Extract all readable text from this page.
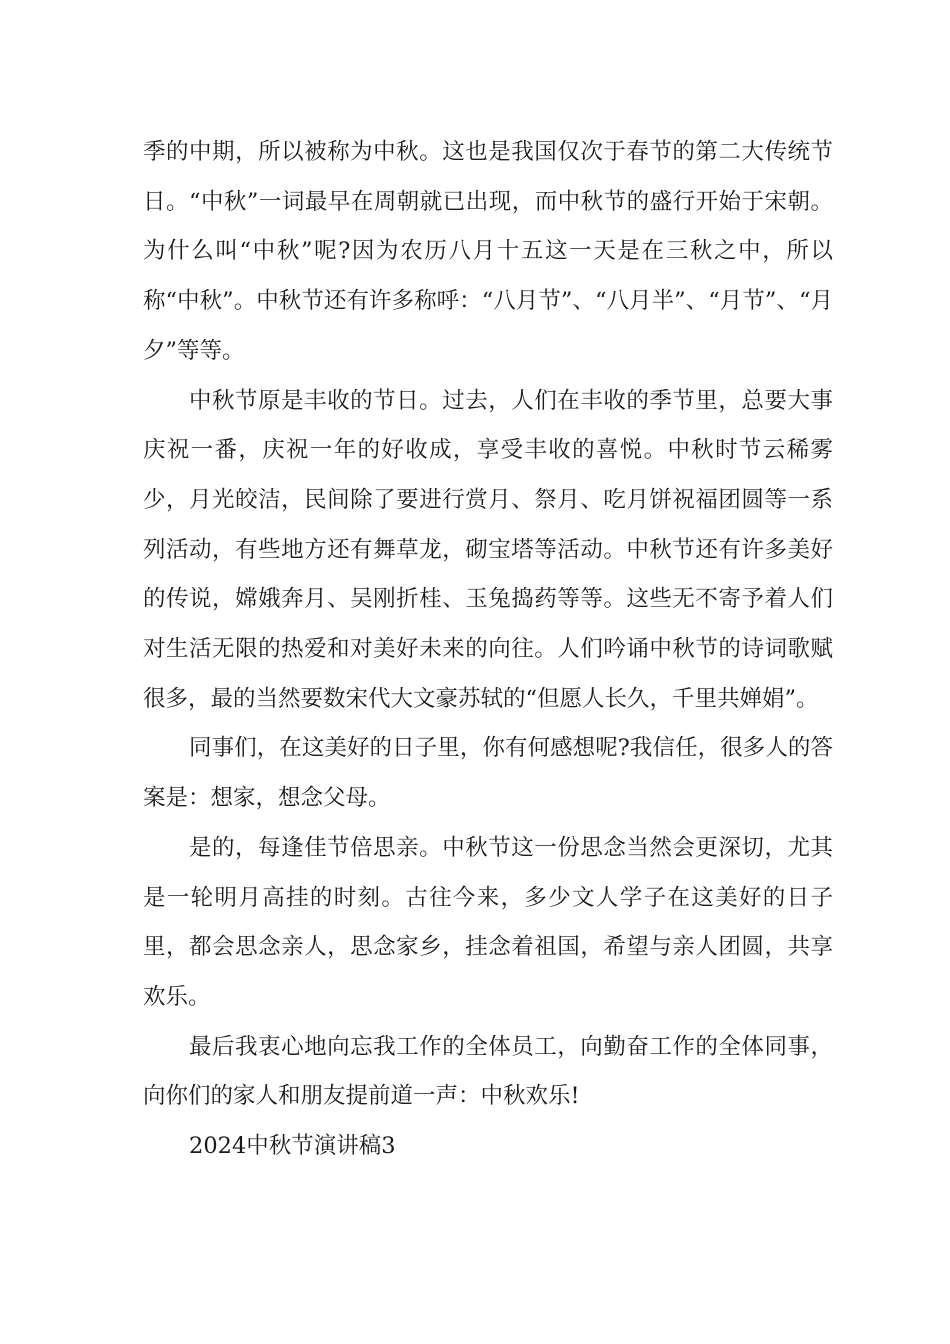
季的中期，所以被称为中秋。这也是我国仅次于春节的第二大传统节日。“中秋”一词最早在周朝就已出现，而中秋节的盛行开始于宋朝。为什么叫“中秋”呢?因为农历八月十五这一天是在三秋之中，所以称“中秋”。中秋节还有许多称呼：“八月节”、“八月半”、“月节”、“月夕”等等。

中秋节原是丰收的节日。过去，人们在丰收的季节里，总要大事庆祝一番，庆祝一年的好收成，享受丰收的喜悦。中秋时节云稀雾少，月光皎洁，民间除了要进行赏月、祭月、吃月饼祝福团圆等一系列活动，有些地方还有舞草龙，砌宝塔等活动。中秋节还有许多美好的传说，嫦娥奔月、吴刚折桂、玉兔捣药等等。这些无不寄予着人们对生活无限的热爱和对美好未来的向往。人们吟诵中秋节的诗词歌赋很多，最的当然要数宋代大文豪苏轼的“但愿人长久，千里共婵娟”。

同事们，在这美好的日子里，你有何感想呢?我信任，很多人的答案是：想家，想念父母。

是的，每逢佳节倍思亲。中秋节这一份思念当然会更深切，尤其是一轮明月高挂的时刻。古往今来，多少文人学子在这美好的日子里，都会思念亲人，思念家乡，挂念着祖国，希望与亲人团圆，共享欢乐。

最后我衷心地向忘我工作的全体员工，向勤奋工作的全体同事，向你们的家人和朋友提前道一声：中秋欢乐!

2024中秋节演讲稿3
